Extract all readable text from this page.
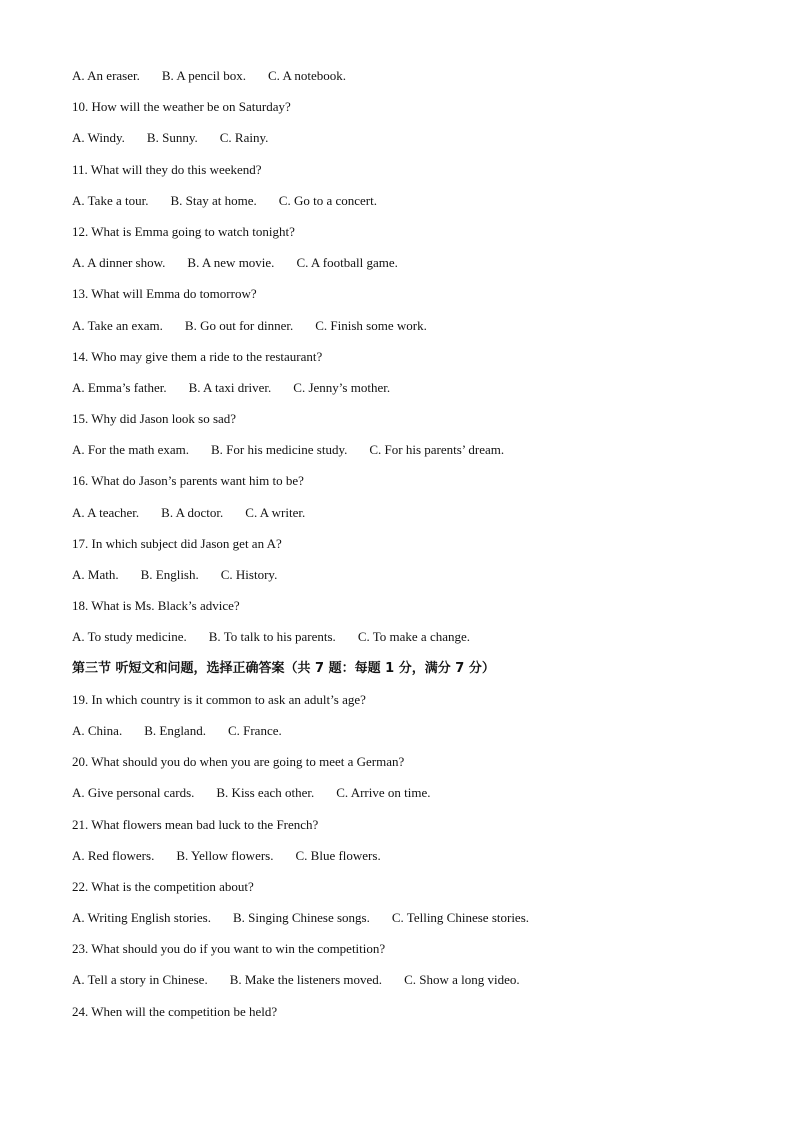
A. An eraser. B. A pencil box. C. A notebook.
10. How will the weather be on Saturday?
A. Windy. B. Sunny. C. Rainy.
11. What will they do this weekend?
A. Take a tour. B. Stay at home. C. Go to a concert.
12. What is Emma going to watch tonight?
A. A dinner show. B. A new movie. C. A football game.
13. What will Emma do tomorrow?
A. Take an exam. B. Go out for dinner. C. Finish some work.
14. Who may give them a ride to the restaurant?
A. Emma’s father. B. A taxi driver. C. Jenny’s mother.
15. Why did Jason look so sad?
A. For the math exam. B. For his medicine study. C. For his parents’ dream.
16. What do Jason’s parents want him to be?
A. A teacher. B. A doctor. C. A writer.
17. In which subject did Jason get an A?
A. Math. B. English. C. History.
18. What is Ms. Black’s advice?
A. To study medicine. B. To talk to his parents. C. To make a change.
第三节 听短文和问题，选择正确答案（共 7 题：每题 1 分，满分 7 分）
19. In which country is it common to ask an adult’s age?
A. China. B. England. C. France.
20. What should you do when you are going to meet a German?
A. Give personal cards. B. Kiss each other. C. Arrive on time.
21. What flowers mean bad luck to the French?
A. Red flowers. B. Yellow flowers. C. Blue flowers.
22. What is the competition about?
A. Writing English stories. B. Singing Chinese songs. C. Telling Chinese stories.
23. What should you do if you want to win the competition?
A. Tell a story in Chinese. B. Make the listeners moved. C. Show a long video.
24. When will the competition be held?
